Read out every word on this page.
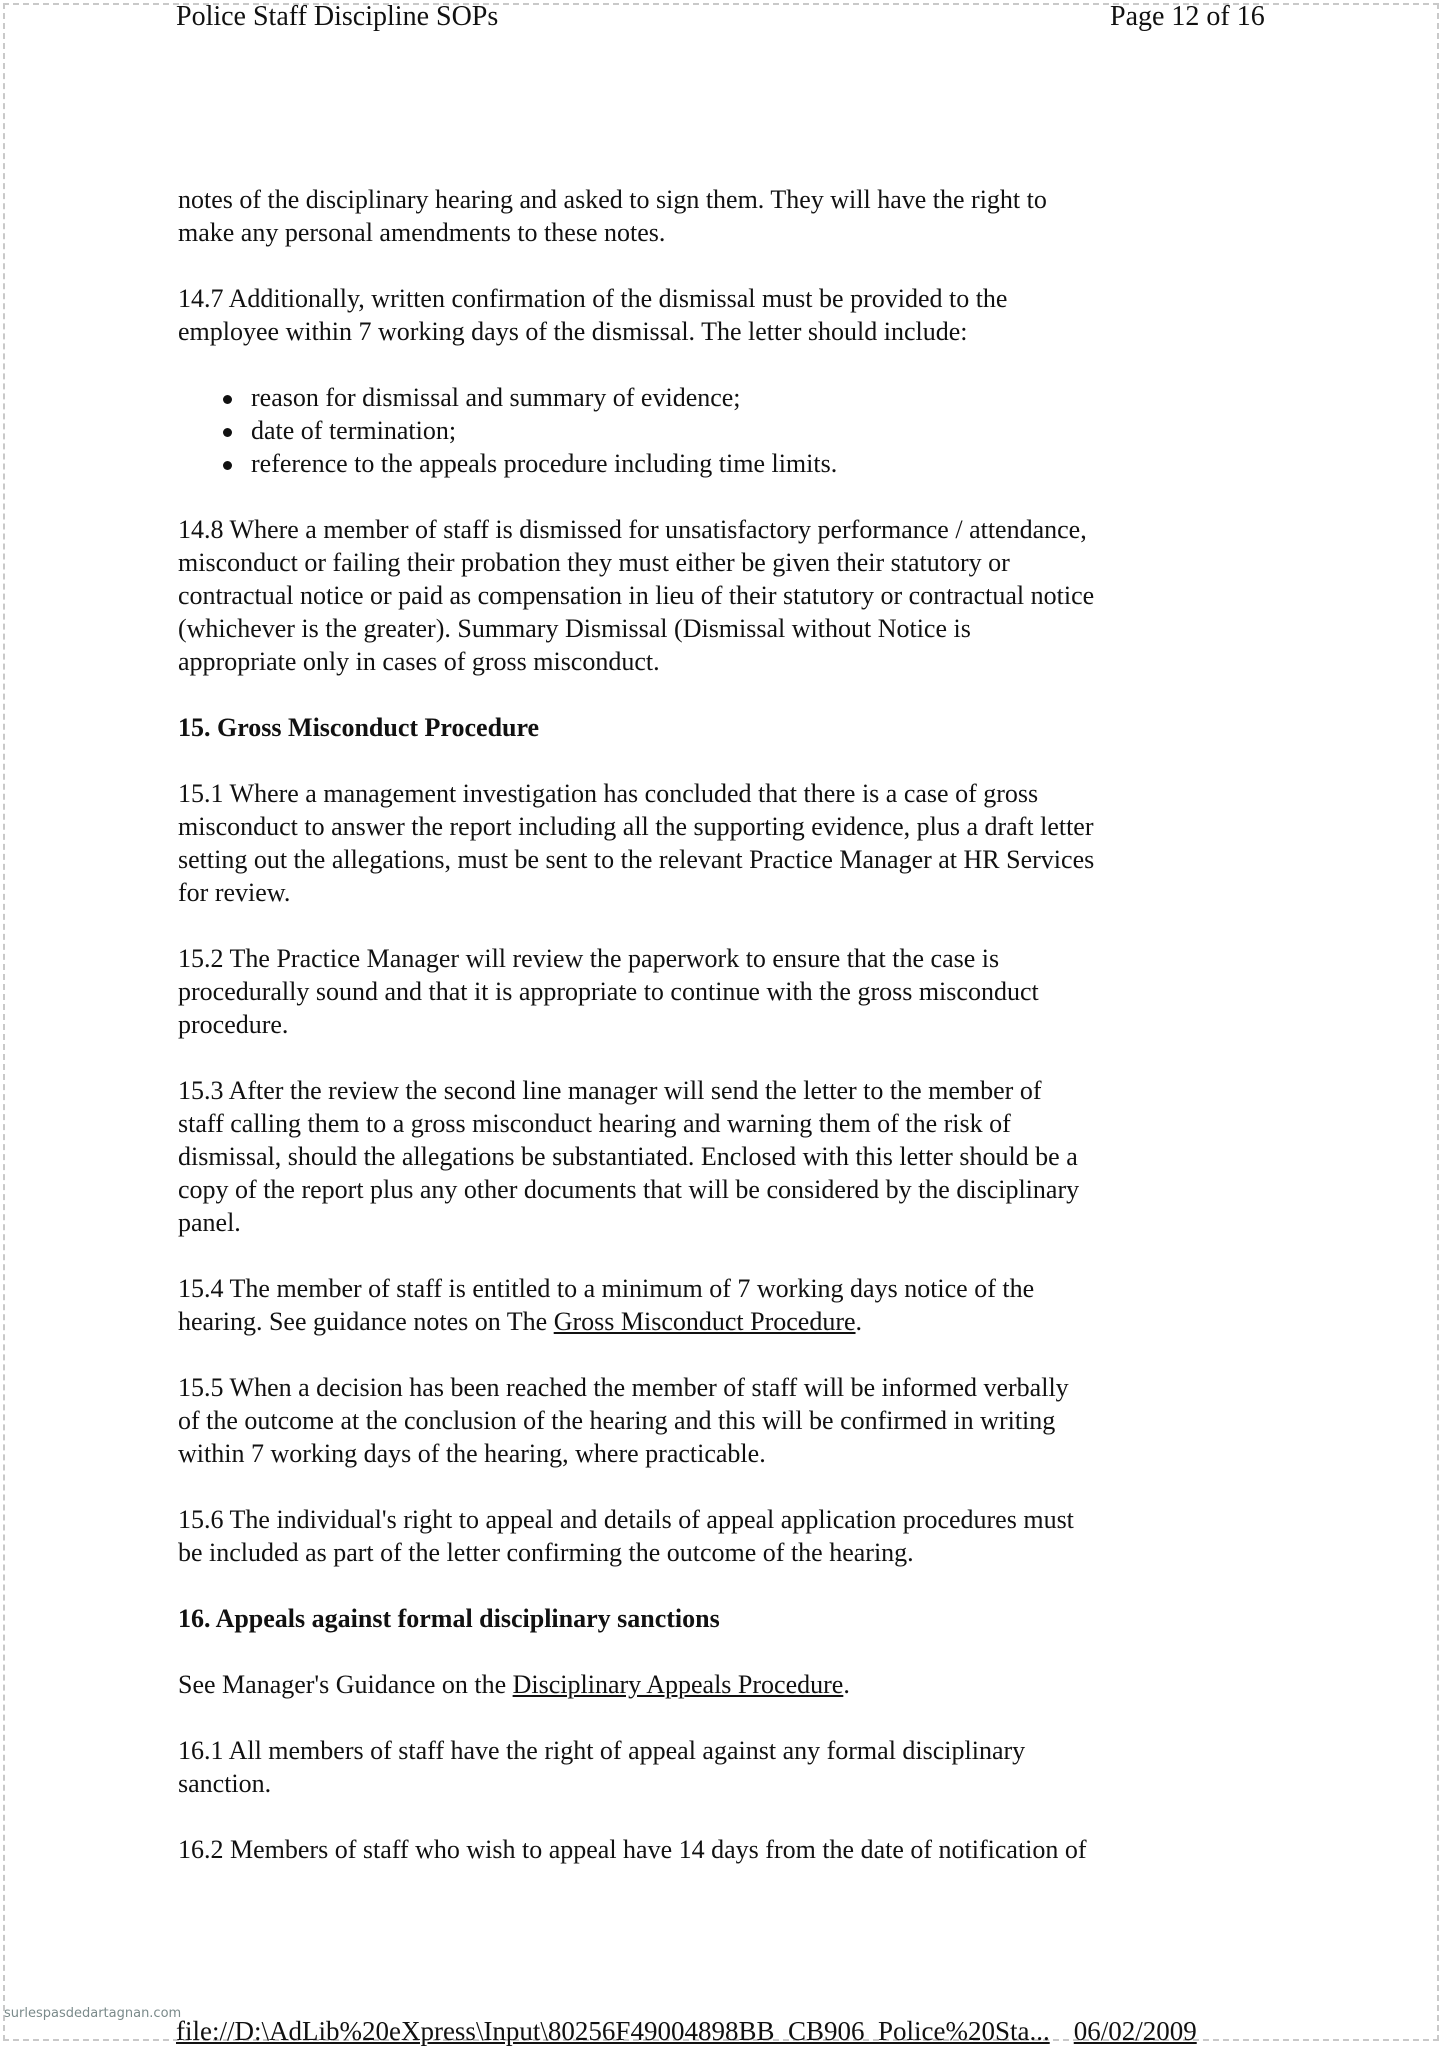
Police Staff Discipline SOPs	Page 12 of 16
notes of the disciplinary hearing and asked to sign them. They will have the right to
make any personal amendments to these notes.
14.7 Additionally, written confirmation of the dismissal must be provided to the
employee within 7 working days of the dismissal. The letter should include:
reason for dismissal and summary of evidence;
date of termination;
reference to the appeals procedure including time limits.
14.8 Where a member of staff is dismissed for unsatisfactory performance / attendance,
misconduct or failing their probation they must either be given their statutory or
contractual notice or paid as compensation in lieu of their statutory or contractual notice
(whichever is the greater). Summary Dismissal (Dismissal without Notice is
appropriate only in cases of gross misconduct.
15. Gross Misconduct Procedure
15.1 Where a management investigation has concluded that there is a case of gross
misconduct to answer the report including all the supporting evidence, plus a draft letter
setting out the allegations, must be sent to the relevant Practice Manager at HR Services
for review.
15.2 The Practice Manager will review the paperwork to ensure that the case is
procedurally sound and that it is appropriate to continue with the gross misconduct
procedure.
15.3 After the review the second line manager will send the letter to the member of
staff calling them to a gross misconduct hearing and warning them of the risk of
dismissal, should the allegations be substantiated. Enclosed with this letter should be a
copy of the report plus any other documents that will be considered by the disciplinary
panel.
15.4 The member of staff is entitled to a minimum of 7 working days notice of the
hearing. See guidance notes on The Gross Misconduct Procedure.
15.5 When a decision has been reached the member of staff will be informed verbally
of the outcome at the conclusion of the hearing and this will be confirmed in writing
within 7 working days of the hearing, where practicable.
15.6 The individual's right to appeal and details of appeal application procedures must
be included as part of the letter confirming the outcome of the hearing.
16. Appeals against formal disciplinary sanctions
See Manager's Guidance on the Disciplinary Appeals Procedure.
16.1 All members of staff have the right of appeal against any formal disciplinary
sanction.
16.2 Members of staff who wish to appeal have 14 days from the date of notification of
surlespasdedartagnan.com
file://D:\AdLib%20eXpress\Input\80256F49004898BB_CB906_Police%20Sta... 06/02/2009
